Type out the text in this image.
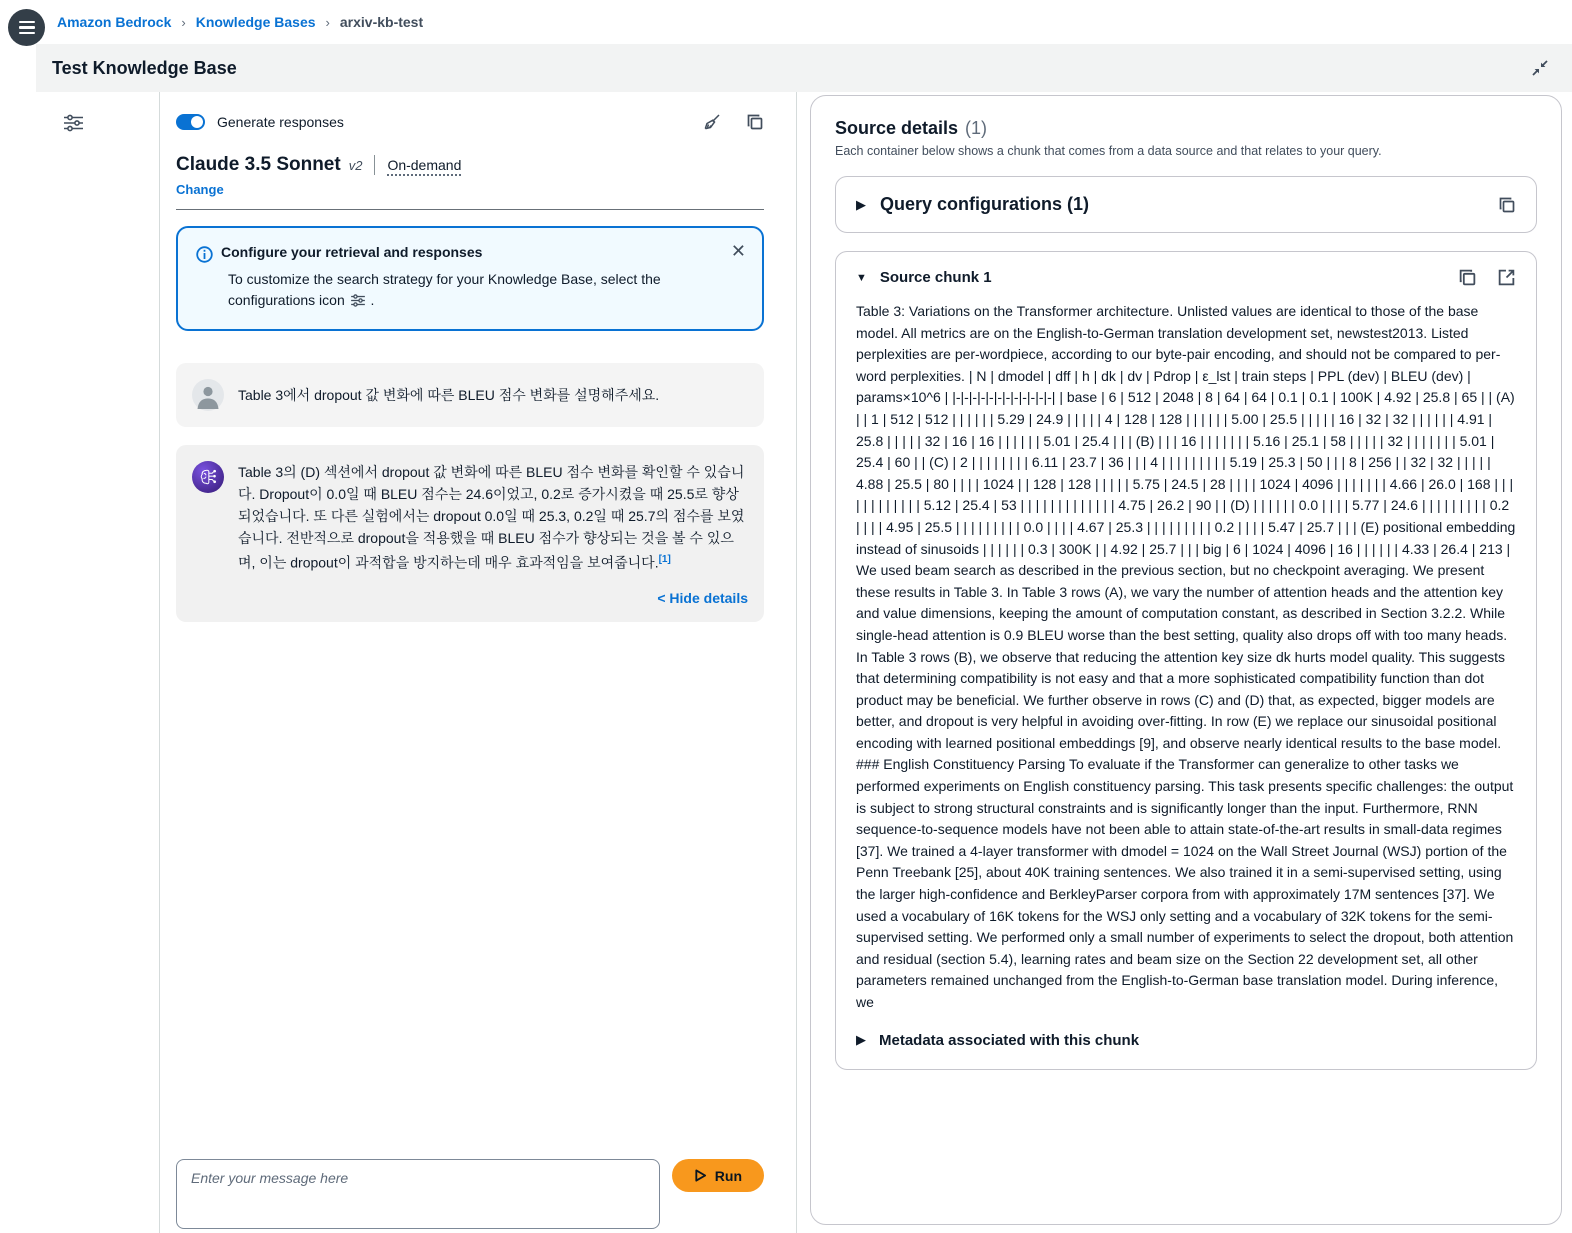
Amazon Bedrock › Knowledge Bases › arxiv-kb-test
Test Knowledge Base
Generate responses
Claude 3.5 Sonnet v2 On-demand
Change
Configure your retrieval and responses
To customize the search strategy for your Knowledge Base, select the configurations icon .
✕
Table 3에서 dropout 값 변화에 따른 BLEU 점수 변화를 설명해주세요.
Table 3의 (D) 섹션에서 dropout 값 변화에 따른 BLEU 점수 변화를 확인할 수 있습니다. Dropout이 0.0일 때 BLEU 점수는 24.6이었고, 0.2로 증가시켰을 때 25.5로 향상되었습니다. 또 다른 실험에서는 dropout 0.0일 때 25.3, 0.2일 때 25.7의 점수를 보였습니다. 전반적으로 dropout을 적용했을 때 BLEU 점수가 향상되는 것을 볼 수 있으며, 이는 dropout이 과적합을 방지하는데 매우 효과적임을 보여줍니다.[1]
< Hide details
Enter your message here
Run
Source details (1)
Each container below shows a chunk that comes from a data source and that relates to your query.
▶ Query configurations (1)
▼ Source chunk 1
Table 3: Variations on the Transformer architecture. Unlisted values are identical to those of the base model. All metrics are on the English-to-German translation development set, newstest2013. Listed perplexities are per-wordpiece, according to our byte-pair encoding, and should not be compared to per-word perplexities. | N | dmodel | dff | h | dk | dv | Pdrop | ε_lst | train steps | PPL (dev) | BLEU (dev) | params×10^6 | |-|-|-|-|-|-|-|-|-|-|-|-| | base | 6 | 512 | 2048 | 8 | 64 | 64 | 0.1 | 0.1 | 100K | 4.92 | 25.8 | 65 | | (A) | | 1 | 512 | 512 | | | | | | 5.29 | 24.9 | | | | | 4 | 128 | 128 | | | | | | 5.00 | 25.5 | | | | | 16 | 32 | 32 | | | | | | 4.91 | 25.8 | | | | | 32 | 16 | 16 | | | | | | 5.01 | 25.4 | | | (B) | | | 16 | | | | | | | 5.16 | 25.1 | 58 | | | | | 32 | | | | | | | 5.01 | 25.4 | 60 | | (C) | 2 | | | | | | | | 6.11 | 23.7 | 36 | | | 4 | | | | | | | | | 5.19 | 25.3 | 50 | | | 8 | 256 | | 32 | 32 | | | | | 4.88 | 25.5 | 80 | | | | 1024 | | 128 | 128 | | | | | 5.75 | 24.5 | 28 | | | | 1024 | 4096 | | | | | | | 4.66 | 26.0 | 168 | | | | | | | | | | | | 5.12 | 25.4 | 53 | | | | | | | | | | | | | 4.75 | 26.2 | 90 | | (D) | | | | | | 0.0 | | | | 5.77 | 24.6 | | | | | | | | | 0.2 | | | | 4.95 | 25.5 | | | | | | | | | 0.0 | | | | 4.67 | 25.3 | | | | | | | | | 0.2 | | | | 5.47 | 25.7 | | | (E) positional embedding instead of sinusoids | | | | | | 0.3 | 300K | | 4.92 | 25.7 | | | big | 6 | 1024 | 4096 | 16 | | | | | | 4.33 | 26.4 | 213 | We used beam search as described in the previous section, but no checkpoint averaging. We present these results in Table 3. In Table 3 rows (A), we vary the number of attention heads and the attention key and value dimensions, keeping the amount of computation constant, as described in Section 3.2.2. While single-head attention is 0.9 BLEU worse than the best setting, quality also drops off with too many heads. In Table 3 rows (B), we observe that reducing the attention key size dk hurts model quality. This suggests that determining compatibility is not easy and that a more sophisticated compatibility function than dot product may be beneficial. We further observe in rows (C) and (D) that, as expected, bigger models are better, and dropout is very helpful in avoiding over-fitting. In row (E) we replace our sinusoidal positional encoding with learned positional embeddings [9], and observe nearly identical results to the base model. ### English Constituency Parsing To evaluate if the Transformer can generalize to other tasks we performed experiments on English constituency parsing. This task presents specific challenges: the output is subject to strong structural constraints and is significantly longer than the input. Furthermore, RNN sequence-to-sequence models have not been able to attain state-of-the-art results in small-data regimes [37]. We trained a 4-layer transformer with dmodel = 1024 on the Wall Street Journal (WSJ) portion of the Penn Treebank [25], about 40K training sentences. We also trained it in a semi-supervised setting, using the larger high-confidence and BerkleyParser corpora from with approximately 17M sentences [37]. We used a vocabulary of 16K tokens for the WSJ only setting and a vocabulary of 32K tokens for the semi-supervised setting. We performed only a small number of experiments to select the dropout, both attention and residual (section 5.4), learning rates and beam size on the Section 22 development set, all other parameters remained unchanged from the English-to-German base translation model. During inference, we
▶ Metadata associated with this chunk
